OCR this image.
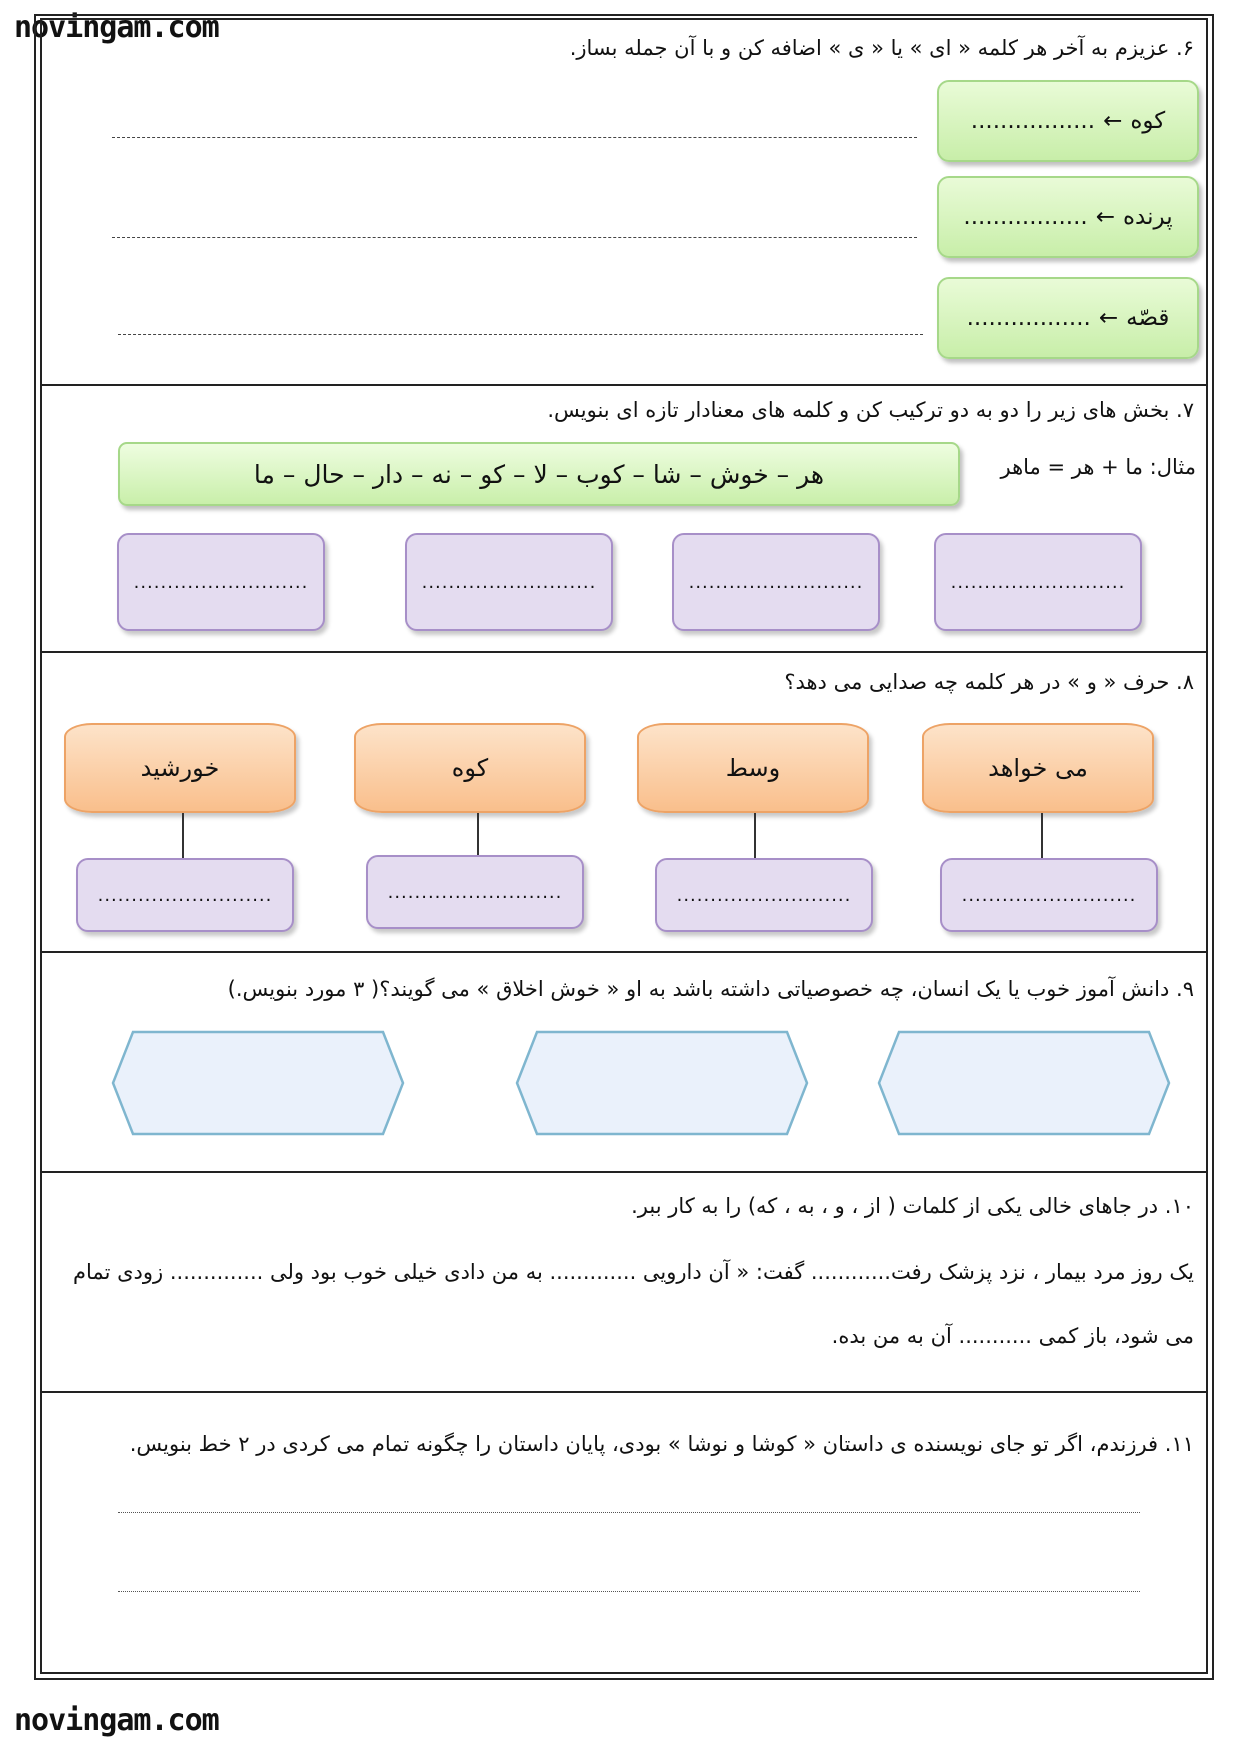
novingam.com
novingam.com
۶. عزیزم به آخر هر کلمه « ای » یا « ی » اضافه کن و با آن جمله بساز.
کوه
←
.................
پرنده
←
.................
قصّه
←
.................
۷. بخش های زیر را دو به دو ترکیب کن و کلمه های معنادار تازه ای بنویس.
مثال: ما + هر = ماهر
هر – خوش – شا – کوب – لا – کو – نه – دار – حال – ما
..........................	..........................	..........................	..........................
۸. حرف « و » در هر کلمه چه صدایی می دهد؟
می خواهد
وسط
کوه
خورشید
..........................
..........................
..........................
..........................
۹. دانش آموز خوب یا یک انسان، چه خصوصیاتی داشته باشد به او « خوش اخلاق » می گویند؟( ۳ مورد بنویس.)
۱۰. در جاهای خالی یکی از کلمات ( از ، و ، به ، که) را به کار ببر.
یک روز مرد بیمار ، نزد پزشک رفت............ گفت: « آن دارویی ............. به من دادی خیلی خوب بود ولی .............. زودی تمام
می شود، باز کمی ........... آن به من بده.
۱۱. فرزندم، اگر تو جای نویسنده ی داستان « کوشا و نوشا » بودی، پایان داستان را چگونه تمام می کردی در ۲ خط بنویس.
